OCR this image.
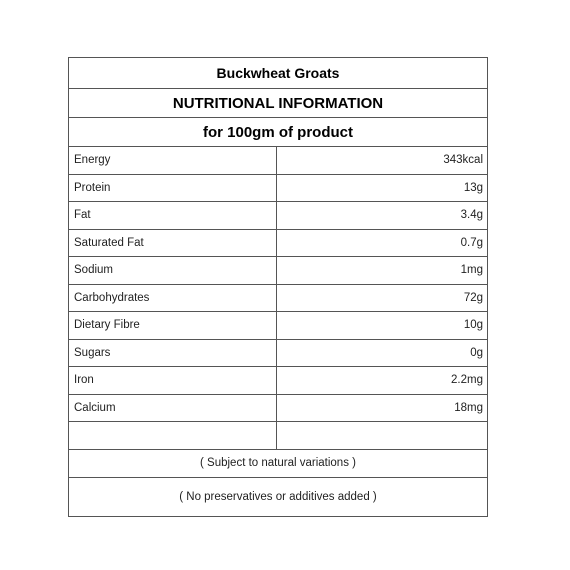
Buckwheat Groats
NUTRITIONAL INFORMATION
for 100gm of product
Energy	343kcal
Protein	13g
Fat	3.4g
Saturated Fat	0.7g
Sodium	1mg
Carbohydrates	72g
Dietary Fibre	10g
Sugars	0g
Iron	2.2mg
Calcium	18mg
( Subject to natural variations )
( No preservatives or additives added )
